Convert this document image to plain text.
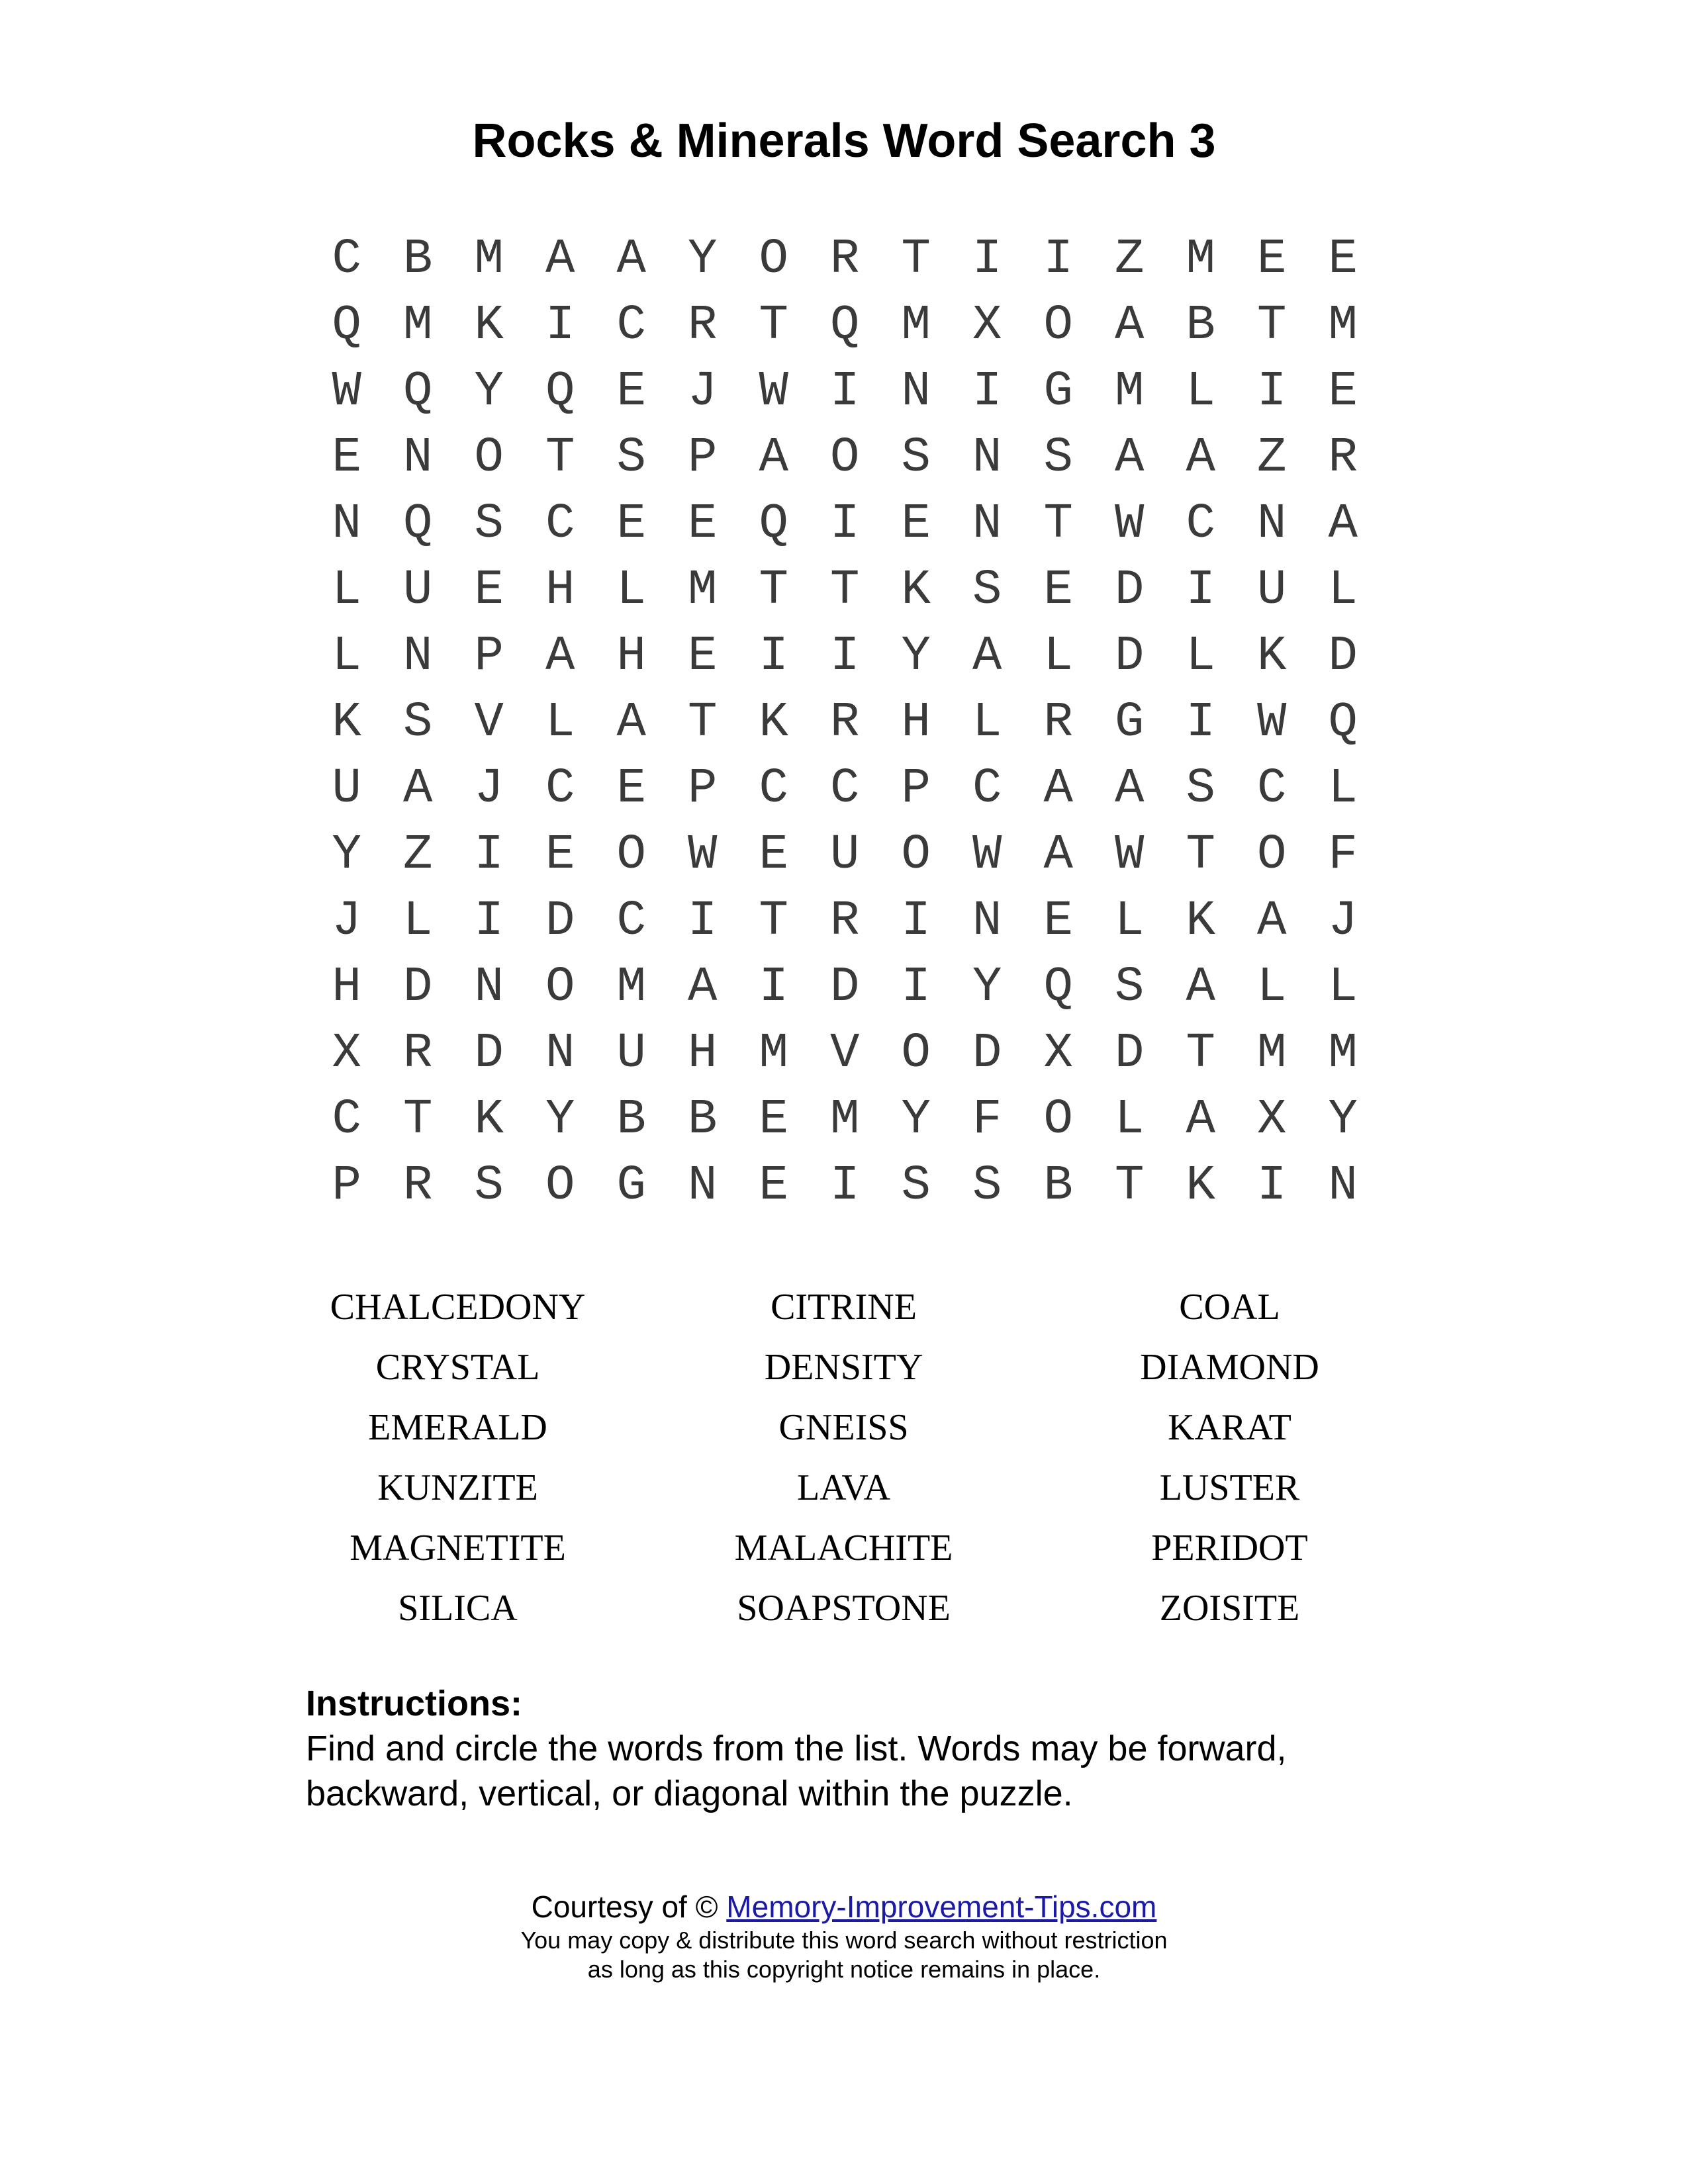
Rocks & Minerals Word Search 3
C B M A A Y O R T I I Z M E E
Q M K I C R T Q M X O A B T M
W Q Y Q E J W I N I G M L I E
E N O T S P A O S N S A A Z R
N Q S C E E Q I E N T W C N A
L U E H L M T T K S E D I U L
L N P A H E I I Y A L D L K D
K S V L A T K R H L R G I W Q
U A J C E P C C P C A A S C L
Y Z I E O W E U O W A W T O F
J L I D C I T R I N E L K A J
H D N O M A I D I Y Q S A L L
X R D N U H M V O D X D T M M
C T K Y B B E M Y F O L A X Y
P R S O G N E I S S B T K I N
CHALCEDONY	CITRINE	COAL
CRYSTAL	DENSITY	DIAMOND
EMERALD	GNEISS	KARAT
KUNZITE	LAVA	LUSTER
MAGNETITE	MALACHITE	PERIDOT
SILICA	SOAPSTONE	ZOISITE
Instructions:
Find and circle the words from the list. Words may be forward,
backward, vertical, or diagonal within the puzzle.
Courtesy of © Memory-Improvement-Tips.com
You may copy & distribute this word search without restriction
as long as this copyright notice remains in place.
